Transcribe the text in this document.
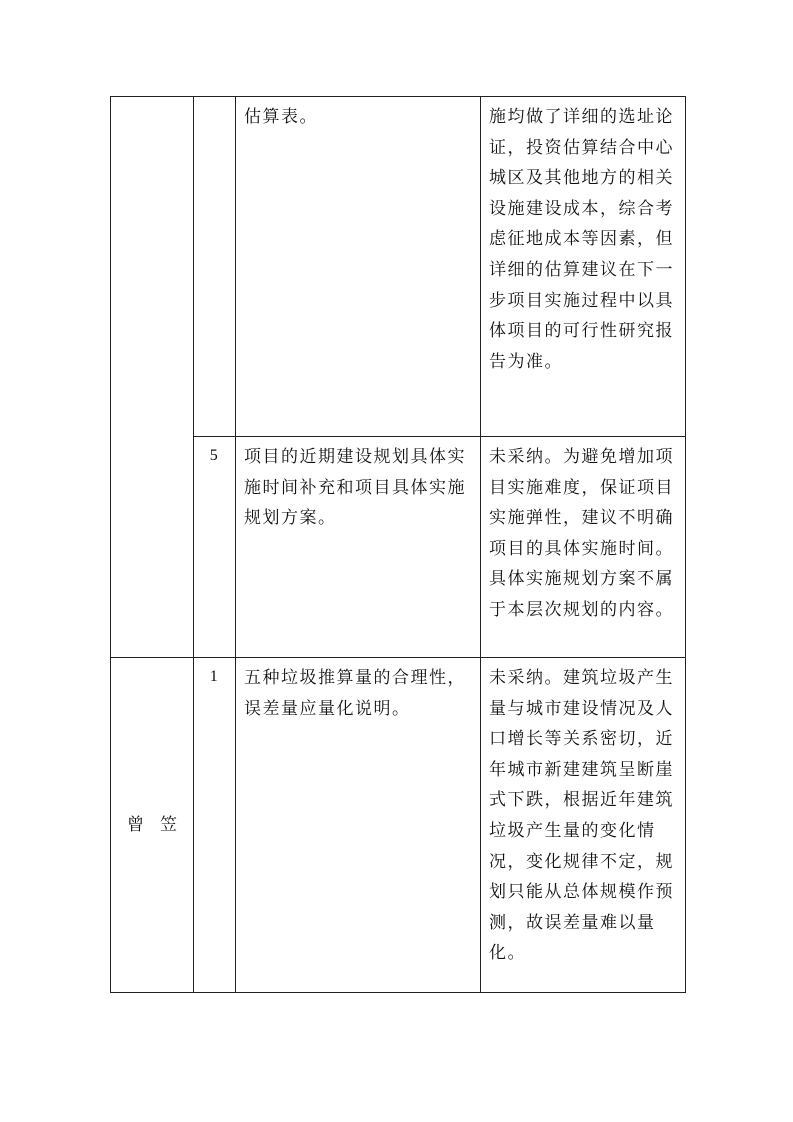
		估算表。	施均做了详细的选址论证，投资估算结合中心城区及其他地方的相关设施建设成本，综合考虑征地成本等因素，但详细的估算建议在下一步项目实施过程中以具体项目的可行性研究报告为准。

	5	项目的近期建设规划具体实施时间补充和项目具体实施规划方案。	未采纳。为避免增加项目实施难度，保证项目实施弹性，建议不明确项目的具体实施时间。具体实施规划方案不属于本层次规划的内容。

曾笠	1	五种垃圾推算量的合理性，误差量应量化说明。	未采纳。建筑垃圾产生量与城市建设情况及人口增长等关系密切，近年城市新建建筑呈断崖式下跌，根据近年建筑垃圾产生量的变化情况，变化规律不定，规划只能从总体规模作预测，故误差量难以量化。
